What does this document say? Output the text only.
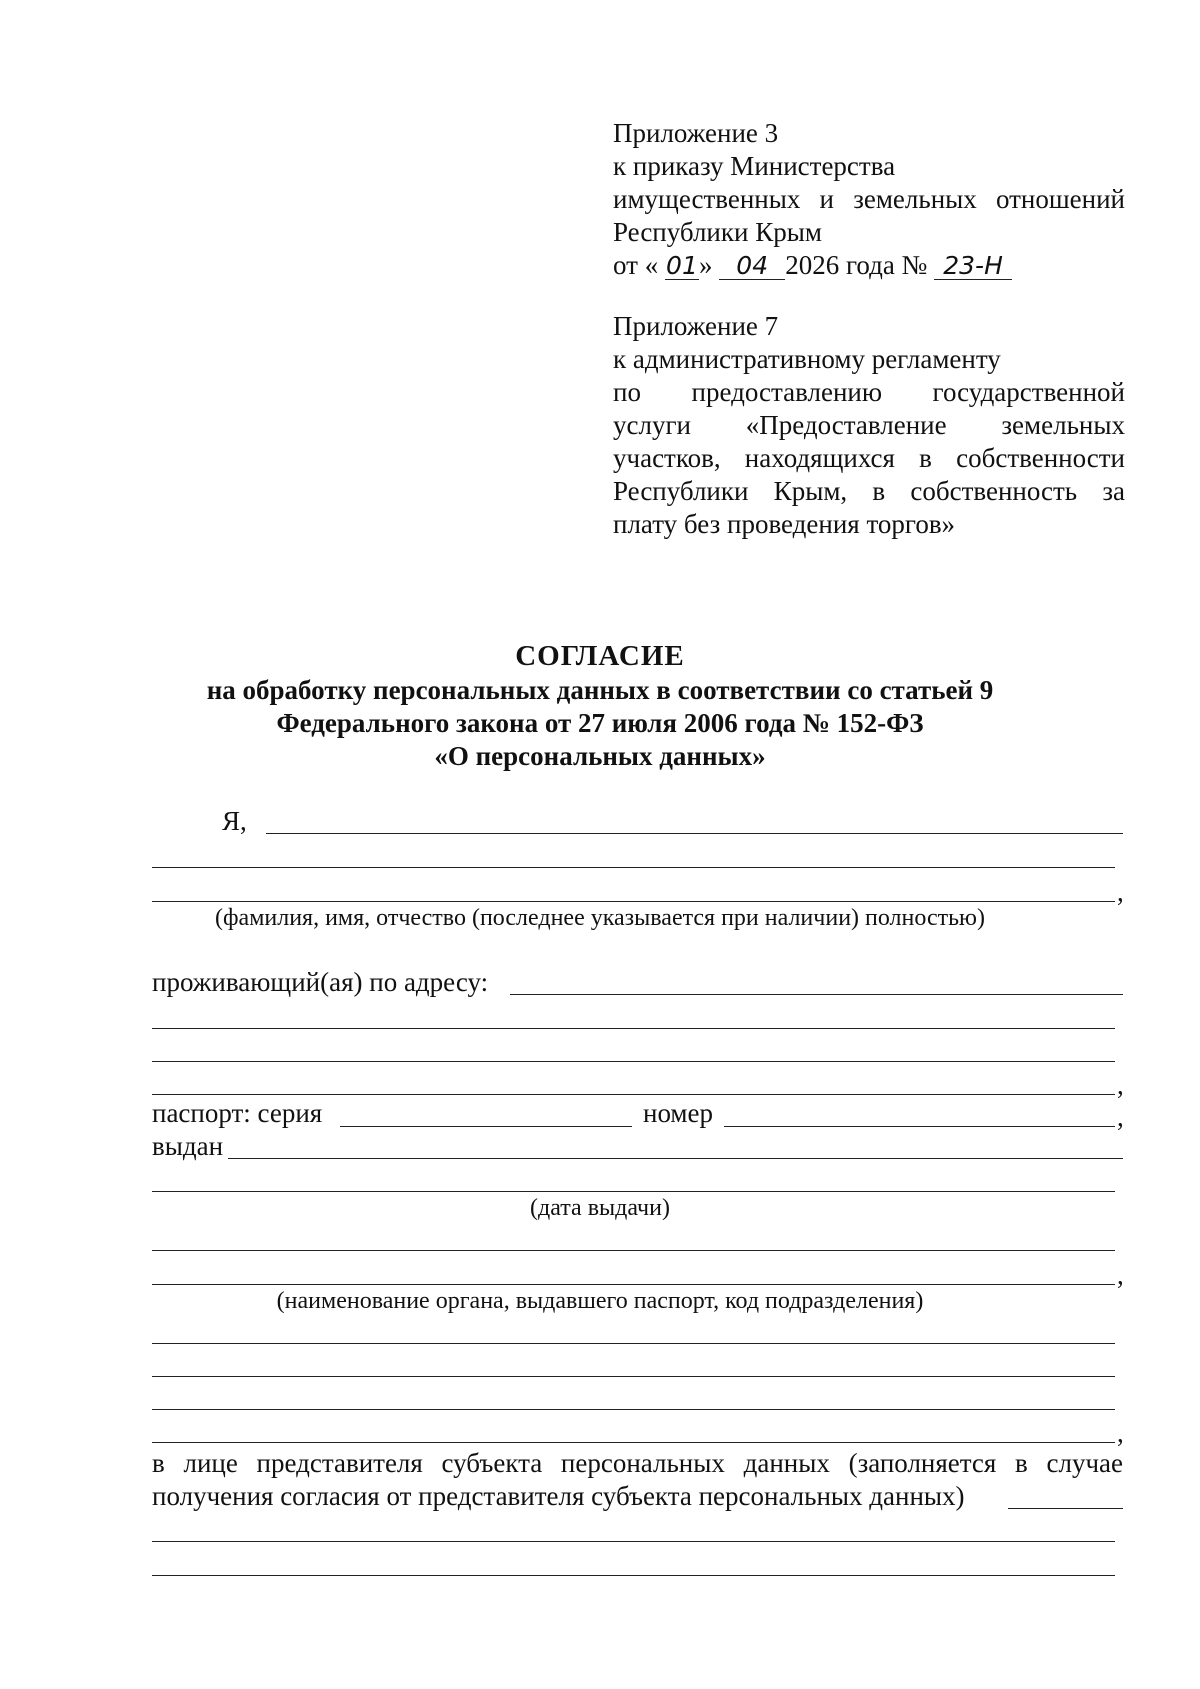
Приложение 3
к приказу Министерства
имущественных и земельных отношений
Республики Крым
от « 01» 04 2026 года № 23-Н
Приложение 7
к административному регламенту
по предоставлению государственной
услуги «Предоставление земельных
участков, находящихся в собственности
Республики Крым, в собственность за
плату без проведения торгов»
СОГЛАСИЕ
на обработку персональных данных в соответствии со статьей 9
Федерального закона от 27 июля 2006 года № 152-ФЗ
«О персональных данных»
Я,
,
(фамилия, имя, отчество (последнее указывается при наличии) полностью)
проживающий(ая) по адресу:
,
паспорт: серия	номер	,
выдан
(дата выдачи)
,
(наименование органа, выдавшего паспорт, код подразделения)
,
в лице представителя субъекта персональных данных (заполняется в случае
получения согласия от представителя субъекта персональных данных)
